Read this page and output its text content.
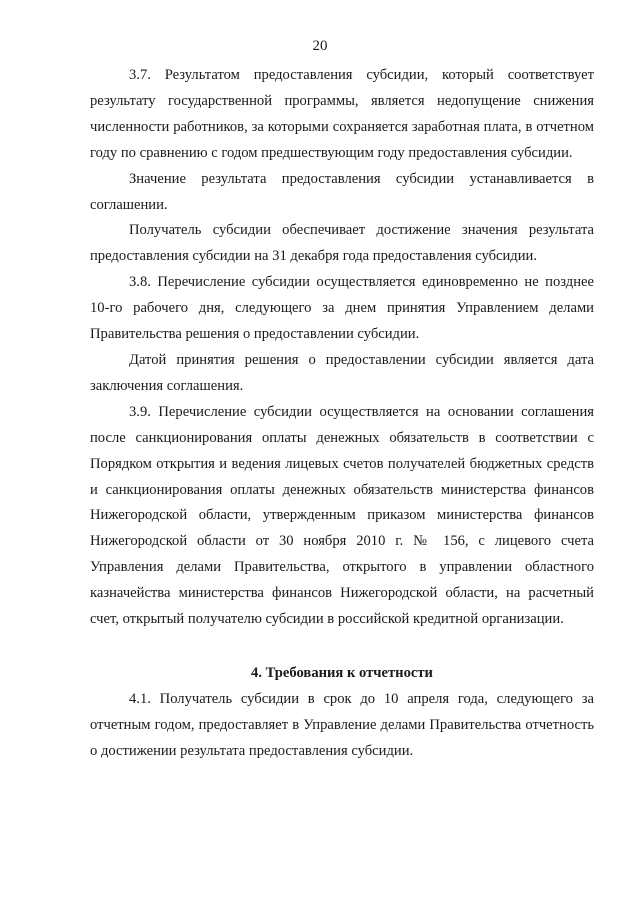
20

3.7. Результатом предоставления субсидии, который соответствует результату государственной программы, является недопущение снижения численности работников, за которыми сохраняется заработная плата, в отчетном году по сравнению с годом предшествующим году предоставления субсидии.

Значение результата предоставления субсидии устанавливается в соглашении.

Получатель субсидии обеспечивает достижение значения результата предоставления субсидии на 31 декабря года предоставления субсидии.

3.8. Перечисление субсидии осуществляется единовременно не позднее 10-го рабочего дня, следующего за днем принятия Управлением делами Правительства решения о предоставлении субсидии.

Датой принятия решения о предоставлении субсидии является дата заключения соглашения.

3.9. Перечисление субсидии осуществляется на основании соглашения после санкционирования оплаты денежных обязательств в соответствии с Порядком открытия и ведения лицевых счетов получателей бюджетных средств и санкционирования оплаты денежных обязательств министерства финансов Нижегородской области, утвержденным приказом министерства финансов Нижегородской области от 30 ноября 2010 г. № 156, с лицевого счета Управления делами Правительства, открытого в управлении областного казначейства министерства финансов Нижегородской области, на расчетный счет, открытый получателю субсидии в российской кредитной организации.

4. Требования к отчетности

4.1. Получатель субсидии в срок до 10 апреля года, следующего за отчетным годом, предоставляет в Управление делами Правительства отчетность о достижении результата предоставления субсидии.
